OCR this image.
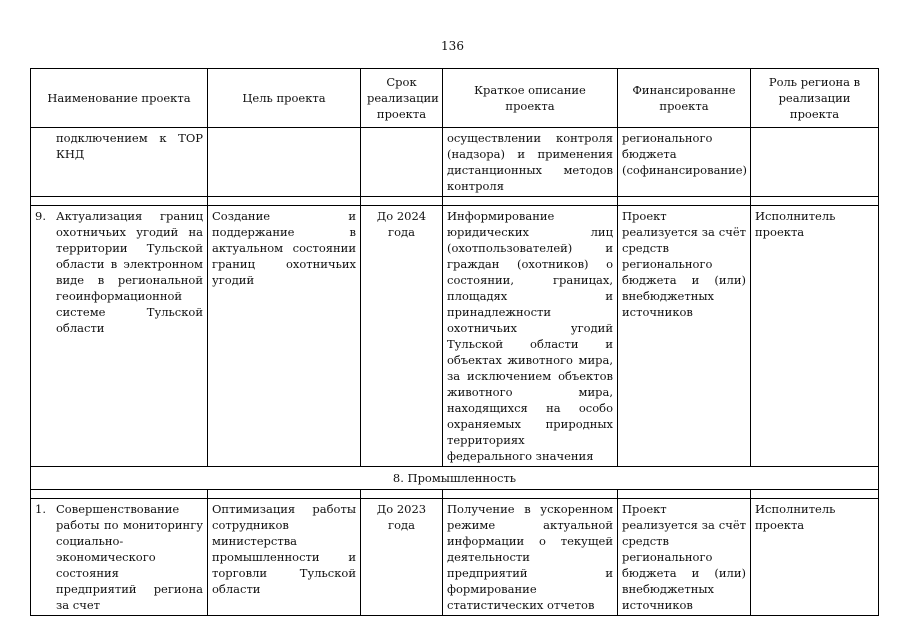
136
Наименование проекта	Цель проекта	Срок реализации проекта	Краткое описание проекта	Финансированне проекта	Роль региона в реализации проекта

подключением к ТОР КНД			осуществлении контроля (надзора) и применения дистанционных методов контроля	регионального бюджета (софинансирование)	

9. Актуализация границ охотничьих угодий на территории Тульской области в электронном виде в региональной геоинформационной системе Тульской области	Создание и поддержание в актуальном состоянии границ охотничьих угодий	До 2024 года	Информирование юридических лиц (охотпользователей) и граждан (охотников) о состоянии, границах, площадях и принадлежности охотничьих угодий Тульской области и объектах животного мира, за исключением объектов животного мира, находящихся на особо охраняемых природных территориях федерального значения	Проект реализуется за счёт средств регионального бюджета и (или) внебюджетных источников	Исполнитель проекта
8. Промышленность					

1. Совершенствование работы по мониторингу социально-экономического состояния предприятий региона за счет	Оптимизация работы сотрудников министерства промышленности и торговли Тульской области	До 2023 года	Получение в ускоренном режиме актуальной информации о текущей деятельности предприятий и формирование статистических отчетов	Проект реализуется за счёт средств регионального бюджета и (или) внебюджетных источников	Исполнитель проекта
